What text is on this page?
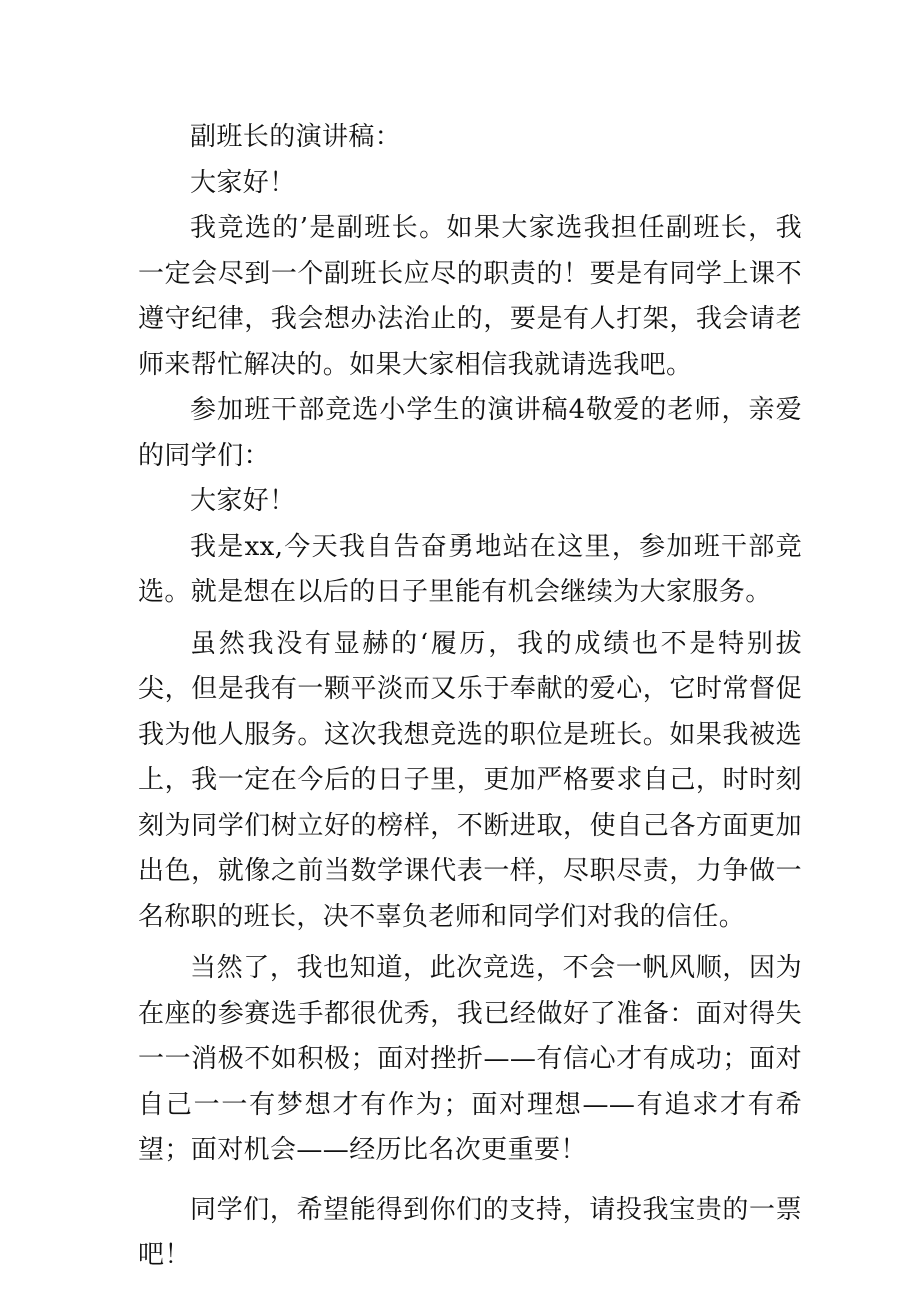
副班长的演讲稿：

大家好！

我竞选的’是副班长。如果大家选我担任副班长，我一定会尽到一个副班长应尽的职责的！要是有同学上课不遵守纪律，我会想办法治止的，要是有人打架，我会请老师来帮忙解决的。如果大家相信我就请选我吧。

参加班干部竞选小学生的演讲稿4敬爱的老师，亲爱的同学们：

大家好！

我是xx,今天我自告奋勇地站在这里，参加班干部竞选。就是想在以后的日子里能有机会继续为大家服务。

虽然我没有显赫的‘履历，我的成绩也不是特别拔尖，但是我有一颗平淡而又乐于奉献的爱心，它时常督促我为他人服务。这次我想竞选的职位是班长。如果我被选上，我一定在今后的日子里，更加严格要求自己，时时刻刻为同学们树立好的榜样，不断进取，使自己各方面更加出色，就像之前当数学课代表一样，尽职尽责，力争做一名称职的班长，决不辜负老师和同学们对我的信任。

当然了，我也知道，此次竞选，不会一帆风顺，因为在座的参赛选手都很优秀，我已经做好了准备：面对得失一一消极不如积极；面对挫折——有信心才有成功；面对自己一一有梦想才有作为；面对理想——有追求才有希望；面对机会——经历比名次更重要！

同学们，希望能得到你们的支持，请投我宝贵的一票吧！
